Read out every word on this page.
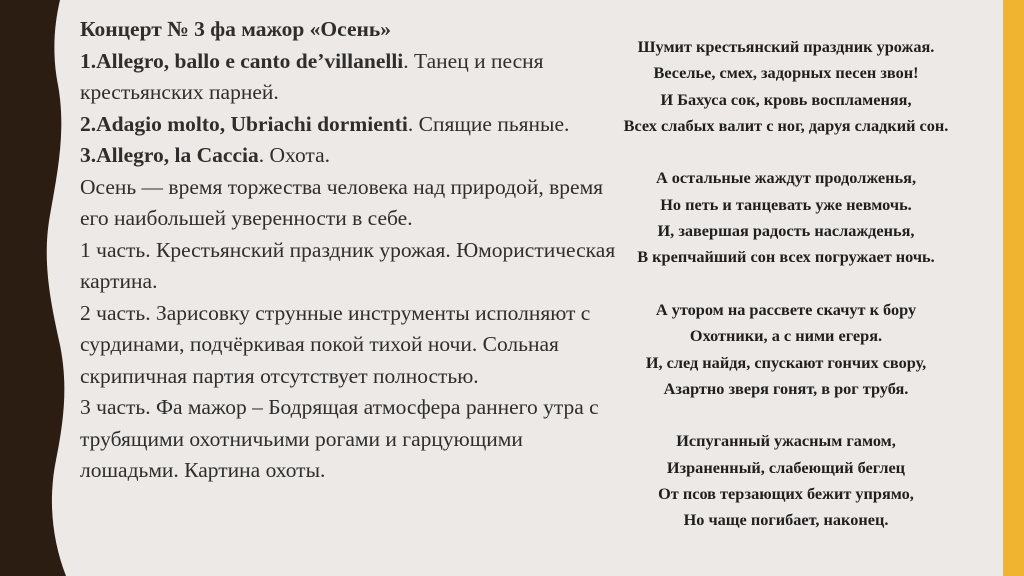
Концерт № 3 фа мажор «Осень»

1.Allegro, ballo e canto de’villanelli. Танец и песня крестьянских парней.

2.Adagio molto, Ubriachi dormienti. Спящие пьяные.

3.Allegro, la Caccia. Охота.

Осень — время торжества человека над природой, время его наибольшей уверенности в себе.

1 часть. Крестьянский праздник урожая. Юмористическая картина.

2 часть. Зарисовку струнные инструменты исполняют с сурдинами, подчёркивая покой тихой ночи. Сольная скрипичная партия отсутствует полностью.

3 часть. Фа мажор – Бодрящая атмосфера раннего утра с трубящими охотничьими рогами и гарцующими лошадьми. Картина охоты.

Шумит крестьянский праздник урожая.
Веселье, смех, задорных песен звон!
И Бахуса сок, кровь воспламеняя,
Всех слабых валит с ног, даруя сладкий сон.
А остальные жаждут продолженья,
Но петь и танцевать уже невмочь.
И, завершая радость наслажденья,
В крепчайший сон всех погружает ночь.
А утором на рассвете скачут к бору
Охотники, а с ними егеря.
И, след найдя, спускают гончих свору,
Азартно зверя гонят, в рог трубя.
Испуганный ужасным гамом,
Израненный, слабеющий беглец
От псов терзающих бежит упрямо,
Но чаще погибает, наконец.
